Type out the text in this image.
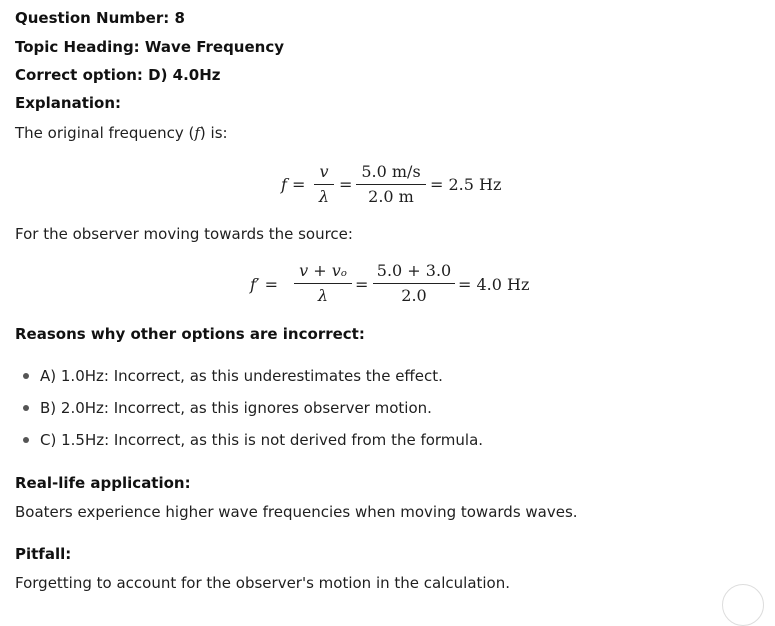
Question Number: 8
Topic Heading: Wave Frequency
Correct option: D) 4.0Hz
Explanation:
The original frequency (f) is:
f =
v
λ
=
5.0 m/s
2.0 m
= 2.5 Hz
For the observer moving towards the source:
f′ =
v + vₒ
λ
=
5.0 + 3.0
2.0
= 4.0 Hz
Reasons why other options are incorrect:
A) 1.0Hz: Incorrect, as this underestimates the effect.
B) 2.0Hz: Incorrect, as this ignores observer motion.
C) 1.5Hz: Incorrect, as this is not derived from the formula.
Real-life application:
Boaters experience higher wave frequencies when moving towards waves.
Pitfall:
Forgetting to account for the observer's motion in the calculation.
